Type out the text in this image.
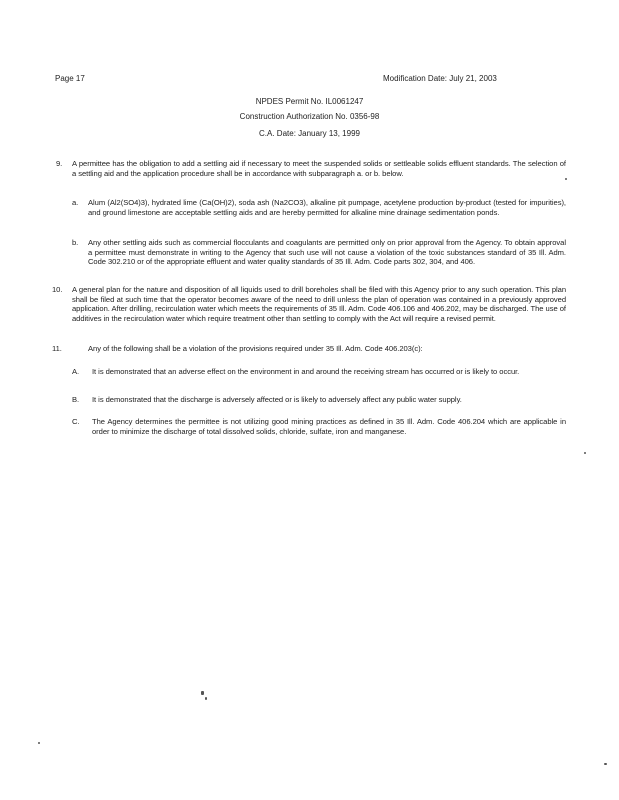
Page 17	Modification Date: July 21, 2003
NPDES Permit No. IL0061247
Construction Authorization No. 0356-98
C.A. Date: January 13, 1999
9. A permittee has the obligation to add a settling aid if necessary to meet the suspended solids or settleable solids effluent standards. The selection of a settling aid and the application procedure shall be in accordance with subparagraph a. or b. below.
a. Alum (Al2(SO4)3), hydrated lime (Ca(OH)2), soda ash (Na2CO3), alkaline pit pumpage, acetylene production by-product (tested for impurities), and ground limestone are acceptable settling aids and are hereby permitted for alkaline mine drainage sedimentation ponds.
b. Any other settling aids such as commercial flocculants and coagulants are permitted only on prior approval from the Agency. To obtain approval a permittee must demonstrate in writing to the Agency that such use will not cause a violation of the toxic substances standard of 35 Ill. Adm. Code 302.210 or of the appropriate effluent and water quality standards of 35 Ill. Adm. Code parts 302, 304, and 406.
10. A general plan for the nature and disposition of all liquids used to drill boreholes shall be filed with this Agency prior to any such operation. This plan shall be filed at such time that the operator becomes aware of the need to drill unless the plan of operation was contained in a previously approved application. After drilling, recirculation water which meets the requirements of 35 Ill. Adm. Code 406.106 and 406.202, may be discharged. The use of additives in the recirculation water which require treatment other than settling to comply with the Act will require a revised permit.
11.	Any of the following shall be a violation of the provisions required under 35 Ill. Adm. Code 406.203(c):
A. It is demonstrated that an adverse effect on the environment in and around the receiving stream has occurred or is likely to occur.
B. It is demonstrated that the discharge is adversely affected or is likely to adversely affect any public water supply.
C. The Agency determines the permittee is not utilizing good mining practices as defined in 35 Ill. Adm. Code 406.204 which are applicable in order to minimize the discharge of total dissolved solids, chloride, sulfate, iron and manganese.
